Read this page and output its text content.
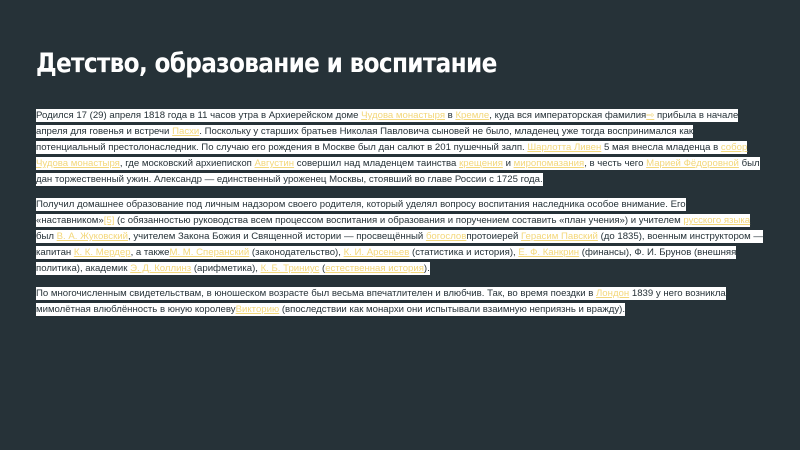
Детство, образование и воспитание

Родился 17 (29) апреля 1818 года в 11 часов утра в Архиерейском доме Чудова монастыря в Кремле, куда вся императорская фамилия⇨ прибыла в начале апреля для говенья и встречи Пасхи. Поскольку у старших братьев Николая Павловича сыновей не было, младенец уже тогда воспринимался как потенциальный престолонаследник. По случаю его рождения в Москве был дан салют в 201 пушечный залп. Шарлотта Ливен 5 мая внесла младенца в собор Чудова монастыря, где московский архиепископ Августин совершил над младенцем таинства крещения и миропомазания, в честь чего Марией Фёдоровной был дан торжественный ужин. Александр — единственный уроженец Москвы, стоявший во главе России с 1725 года.

Получил домашнее образование под личным надзором своего родителя, который уделял вопросу воспитания наследника особое внимание. Его «наставником»[5] (с обязанностью руководства всем процессом воспитания и образования и поручением составить «план учения») и учителем русского языка был В. А. Жуковский, учителем Закона Божия и Священной истории — просвещённый богословпротоиерей Герасим Павский (до 1835), военным инструктором — капитан К. К. Мердер, а такжеМ. М. Сперанский (законодательство), К. И. Арсеньев (статистика и история), Е. Ф. Канкрин (финансы), Ф. И. Брунов (внешняя политика), академик Э. Д. Коллинз (арифметика), К. Б. Триниус (естественная история).

По многочисленным свидетельствам, в юношеском возрасте был весьма впечатлителен и влюбчив. Так, во время поездки в Лондон 1839 у него возникла мимолётная влюблённость в юную королевуВикторию (впоследствии как монархи они испытывали взаимную неприязнь и вражду).
